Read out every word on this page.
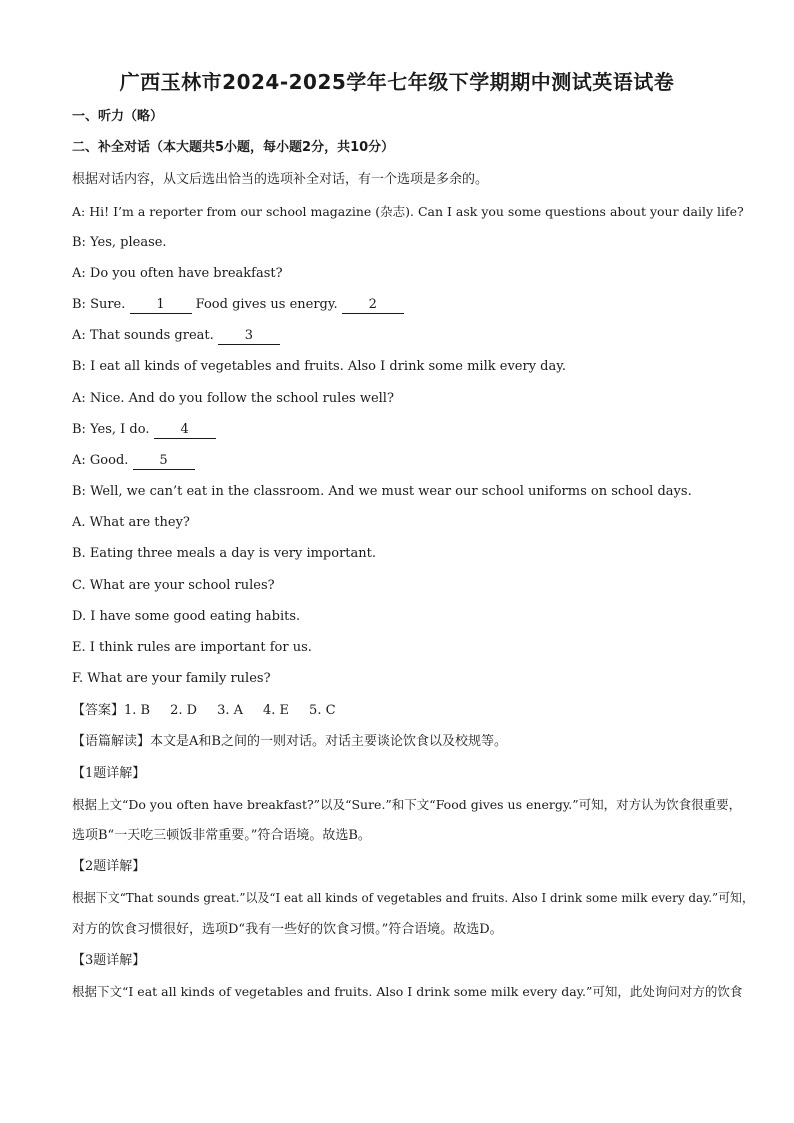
广西玉林市2024-2025学年七年级下学期期中测试英语试卷
一、听力（略）
二、补全对话（本大题共5小题，每小题2分，共10分）
根据对话内容，从文后选出恰当的选项补全对话，有一个选项是多余的。
A: Hi! I’m a reporter from our school magazine (杂志). Can I ask you some questions about your daily life?
B: Yes, please.
A: Do you often have breakfast?
B: Sure. 1 Food gives us energy. 2
A: That sounds great. 3
B: I eat all kinds of vegetables and fruits. Also I drink some milk every day.
A: Nice. And do you follow the school rules well?
B: Yes, I do. 4
A: Good. 5
B: Well, we can’t eat in the classroom. And we must wear our school uniforms on school days.
A. What are they?
B. Eating three meals a day is very important.
C. What are your school rules?
D. I have some good eating habits.
E. I think rules are important for us.
F. What are your family rules?
【答案】1. B 2. D 3. A 4. E 5. C
【语篇解读】本文是A和B之间的一则对话。对话主要谈论饮食以及校规等。
【1题详解】
根据上文“Do you often have breakfast?”以及“Sure.”和下文“Food gives us energy.”可知，对方认为饮食很重要，
选项B“一天吃三顿饭非常重要。”符合语境。故选B。
【2题详解】
根据下文“That sounds great.”以及“I eat all kinds of vegetables and fruits. Also I drink some milk every day.”可知，
对方的饮食习惯很好，选项D“我有一些好的饮食习惯。”符合语境。故选D。
【3题详解】
根据下文“I eat all kinds of vegetables and fruits. Also I drink some milk every day.”可知，此处询问对方的饮食
